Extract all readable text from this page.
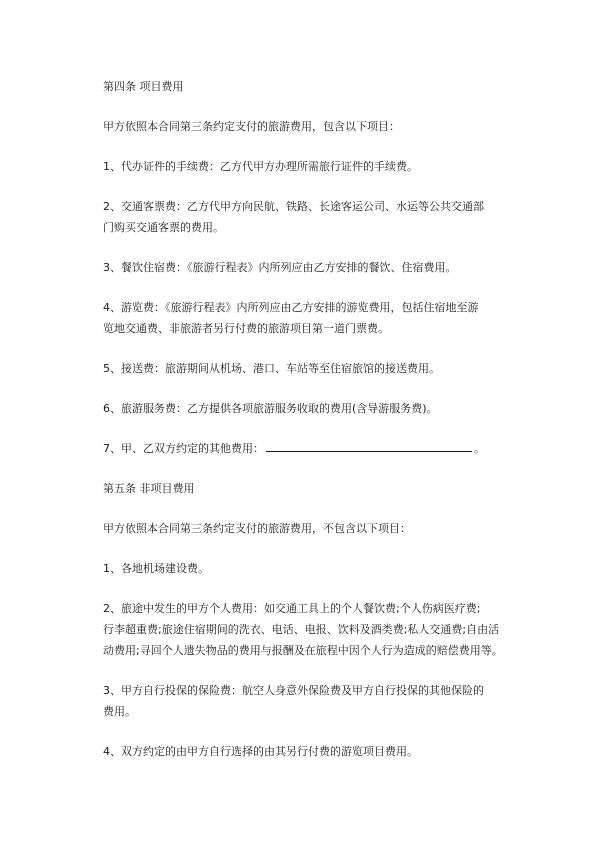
第四条 项目费用

甲方依照本合同第三条约定支付的旅游费用，包含以下项目：

1、代办证件的手续费：乙方代甲方办理所需旅行证件的手续费。

2、交通客票费：乙方代甲方向民航、铁路、长途客运公司、水运等公共交通部

门购买交通客票的费用。

3、餐饮住宿费：《旅游行程表》内所列应由乙方安排的餐饮、住宿费用。

4、游览费：《旅游行程表》内所列应由乙方安排的游览费用，包括住宿地至游

览地交通费、非旅游者另行付费的旅游项目第一道门票费。

5、接送费：旅游期间从机场、港口、车站等至住宿旅馆的接送费用。

6、旅游服务费：乙方提供各项旅游服务收取的费用(含导游服务费)。

7、甲、乙双方约定的其他费用：	。

第五条 非项目费用

甲方依照本合同第三条约定支付的旅游费用，不包含以下项目：

1、各地机场建设费。

2、旅途中发生的甲方个人费用：如交通工具上的个人餐饮费;个人伤病医疗费;

行李超重费;旅途住宿期间的洗衣、电话、电报、饮料及酒类费;私人交通费;自由活

动费用;寻回个人遗失物品的费用与报酬及在旅程中因个人行为造成的赔偿费用等。

3、甲方自行投保的保险费：航空人身意外保险费及甲方自行投保的其他保险的

费用。

4、双方约定的由甲方自行选择的由其另行付费的游览项目费用。
